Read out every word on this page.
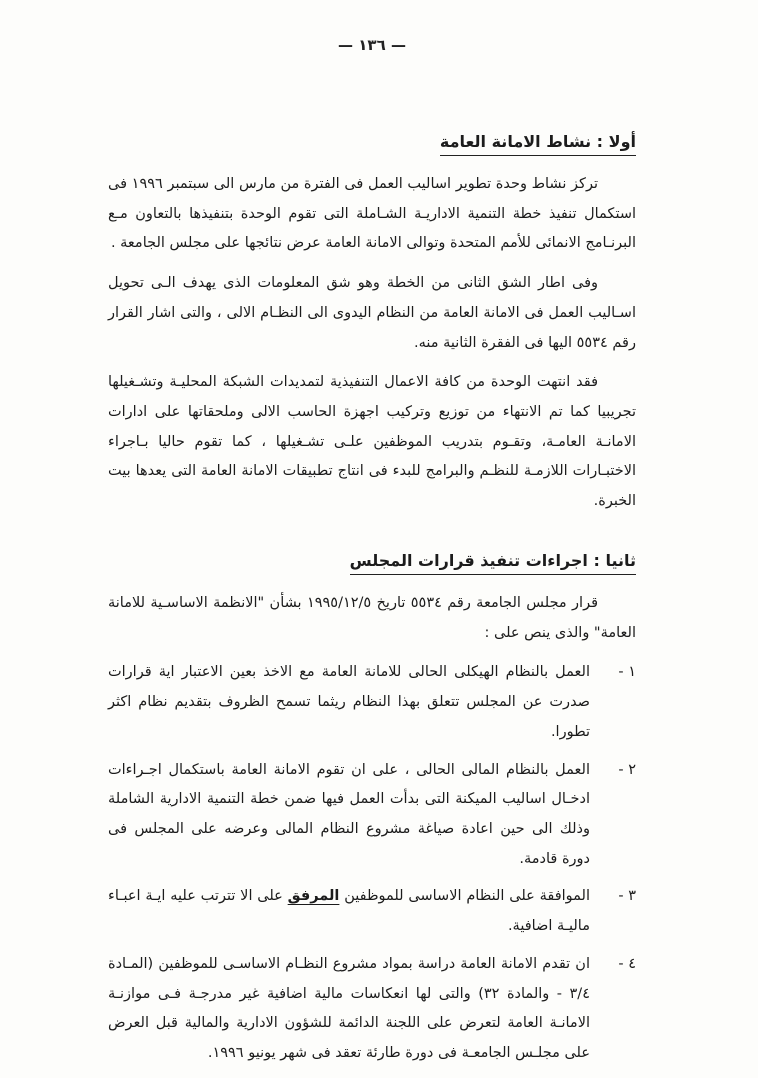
— ١٣٦ —
أولا : نشاط الامانة العامة

تركز نشاط وحدة تطوير اساليب العمل فى الفترة من مارس الى سبتمبر ١٩٩٦ فى استكمال تنفيذ خطة التنمية الاداريـة الشـاملة التى تقوم الوحدة بتنفيذها بالتعاون مـع البرنـامج الانمائى للأمم المتحدة وتوالى الامانة العامة عرض نتائجها على مجلس الجامعة .

وفى اطار الشق الثانى من الخطة وهو شق المعلومات الذى يهدف الـى تحويل اسـاليب العمل فى الامانة العامة من النظام اليدوى الى النظـام الالى ، والتى اشار القرار رقم ٥٥٣٤ اليها فى الفقرة الثانية منه.

فقد انتهت الوحدة من كافة الاعمال التنفيذية لتمديدات الشبكة المحليـة وتشـغيلها تجريبيا كما تم الانتهاء من توزيع وتركيب اجهزة الحاسب الالى وملحقاتها على ادارات الامانـة العامـة، وتقـوم بتدريب الموظفين علـى تشـغيلها ، كما تقوم حاليا بـاجراء الاختبـارات اللازمـة للنظـم والبرامج للبدء فى انتاج تطبيقات الامانة العامة التى يعدها بيت الخبرة.

ثانيا : اجراءات تنفيذ قرارات المجلس

قرار مجلس الجامعة رقم ٥٥٣٤ تاريخ ١٩٩٥/١٢/٥ بشأن "الانظمة الاساسـية للامانة العامة" والذى ينص على :

١ -
العمل بالنظام الهيكلى الحالى للامانة العامة مع الاخذ بعين الاعتبار اية قرارات صدرت عن المجلس تتعلق بهذا النظام ريثما تسمح الظروف بتقديم نظام اكثر تطورا.
٢ -
العمل بالنظام المالى الحالى ، على ان تقوم الامانة العامة باستكمال اجـراءات ادخـال اساليب الميكنة التى بدأت العمل فيها ضمن خطة التنمية الادارية الشاملة وذلك الى حين اعادة صياغة مشروع النظام المالى وعرضه على المجلس فى دورة قادمة.
٣ -
الموافقة على النظام الاساسى للموظفين المرفق على الا تترتب عليه ايـة اعبـاء ماليـة اضافية.
٤ -
ان تقدم الامانة العامة دراسة بمواد مشروع النظـام الاساسـى للموظفين (المـادة ٣/٤ - والمادة ٣٢) والتى لها انعكاسات مالية اضافية غير مدرجـة فـى موازنـة الامانـة العامة لتعرض على اللجنة الدائمة للشؤون الادارية والمالية قبل العرض على مجلـس الجامعـة فى دورة طارئة تعقد فى شهر يونيو ١٩٩٦.
